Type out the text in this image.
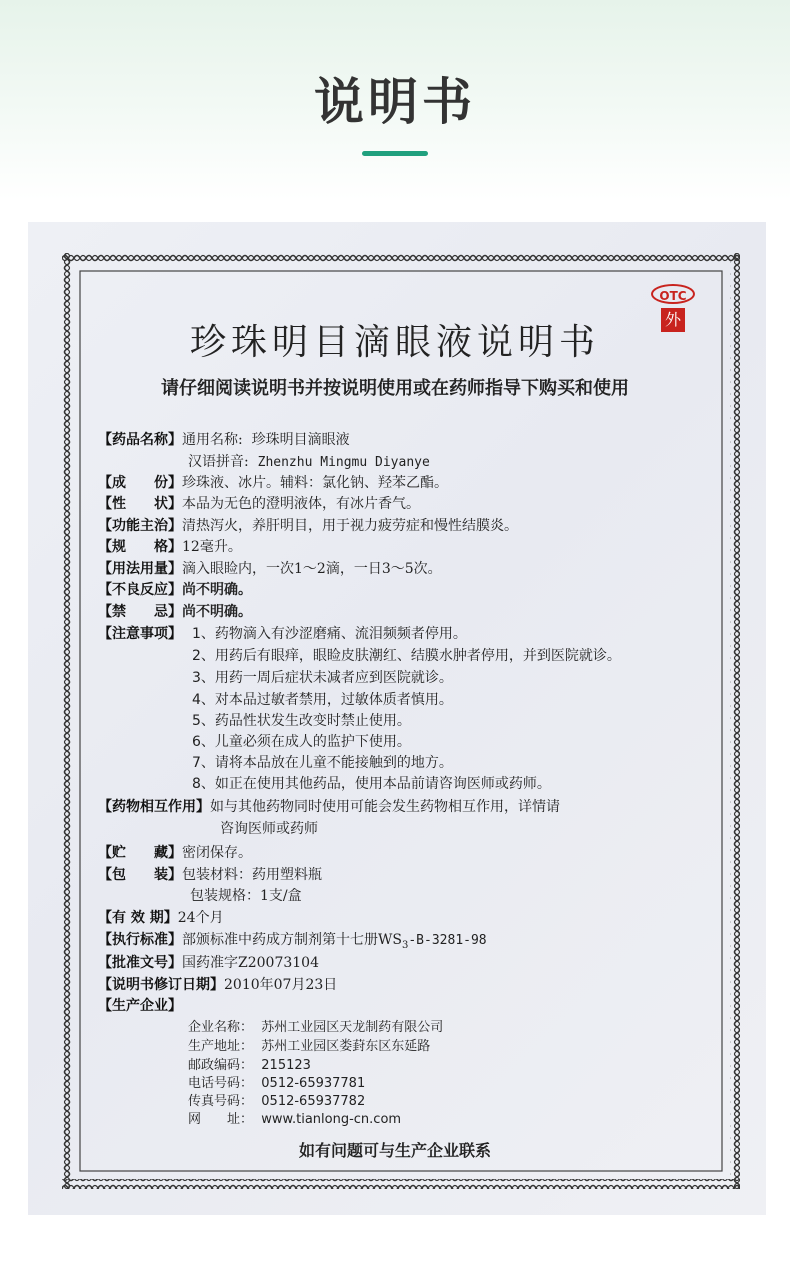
说明书
OTC
外
珍珠明目滴眼液说明书
请仔细阅读说明书并按说明使用或在药师指导下购买和使用
【药品名称】通用名称: 珍珠明目滴眼液
汉语拼音: Zhenzhu Mingmu Diyanye
【成　　份】珍珠液、冰片。辅料：氯化钠、羟苯乙酯。
【性　　状】本品为无色的澄明液体，有冰片香气。
【功能主治】清热泻火，养肝明目，用于视力疲劳症和慢性结膜炎。
【规　　格】12毫升。
【用法用量】滴入眼睑内，一次1～2滴，一日3～5次。
【不良反应】尚不明确。
【禁　　忌】尚不明确。
【注意事项】 1、药物滴入有沙涩磨痛、流泪频频者停用。
2、用药后有眼痒，眼睑皮肤潮红、结膜水肿者停用，并到医院就诊。
3、用药一周后症状未减者应到医院就诊。
4、对本品过敏者禁用，过敏体质者慎用。
5、药品性状发生改变时禁止使用。
6、儿童必须在成人的监护下使用。
7、请将本品放在儿童不能接触到的地方。
8、如正在使用其他药品，使用本品前请咨询医师或药师。
【药物相互作用】如与其他药物同时使用可能会发生药物相互作用，详情请
咨询医师或药师
【贮　　藏】密闭保存。
【包　　装】包装材料：药用塑料瓶
包装规格：1支/盒
【有 效 期】24个月
【执行标准】部颁标准中药成方制剂第十七册$WS_3-B-3281-98$
【批准文号】国药准字Z20073104
【说明书修订日期】2010年07月23日
【生产企业】
企业名称： 苏州工业园区天龙制药有限公司
生产地址： 苏州工业园区娄葑东区东延路
邮政编码： 215123
电话号码： 0512-65937781
传真号码： 0512-65937782
网　　址： www.tianlong-cn.com
如有问题可与生产企业联系
